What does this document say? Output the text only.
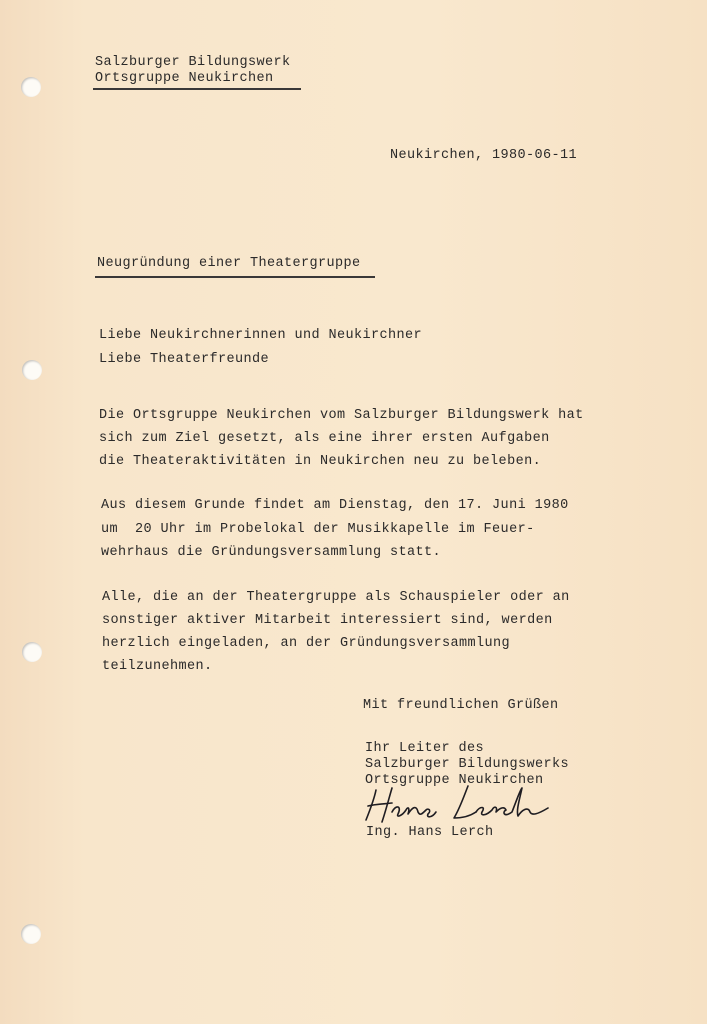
Salzburger Bildungswerk
Ortsgruppe Neukirchen
Neukirchen, 1980-06-11
Neugründung einer Theatergruppe
Liebe Neukirchnerinnen und Neukirchner
Liebe Theaterfreunde
Die Ortsgruppe Neukirchen vom Salzburger Bildungswerk hat
sich zum Ziel gesetzt, als eine ihrer ersten Aufgaben
die Theateraktivitäten in Neukirchen neu zu beleben.
Aus diesem Grunde findet am Dienstag, den 17. Juni 1980
um  20 Uhr im Probelokal der Musikkapelle im Feuer-
wehrhaus die Gründungsversammlung statt.
Alle, die an der Theatergruppe als Schauspieler oder an
sonstiger aktiver Mitarbeit interessiert sind, werden
herzlich eingeladen, an der Gründungsversammlung
teilzunehmen.
Mit freundlichen Grüßen
Ihr Leiter des
Salzburger Bildungswerks
Ortsgruppe Neukirchen
Ing. Hans Lerch
